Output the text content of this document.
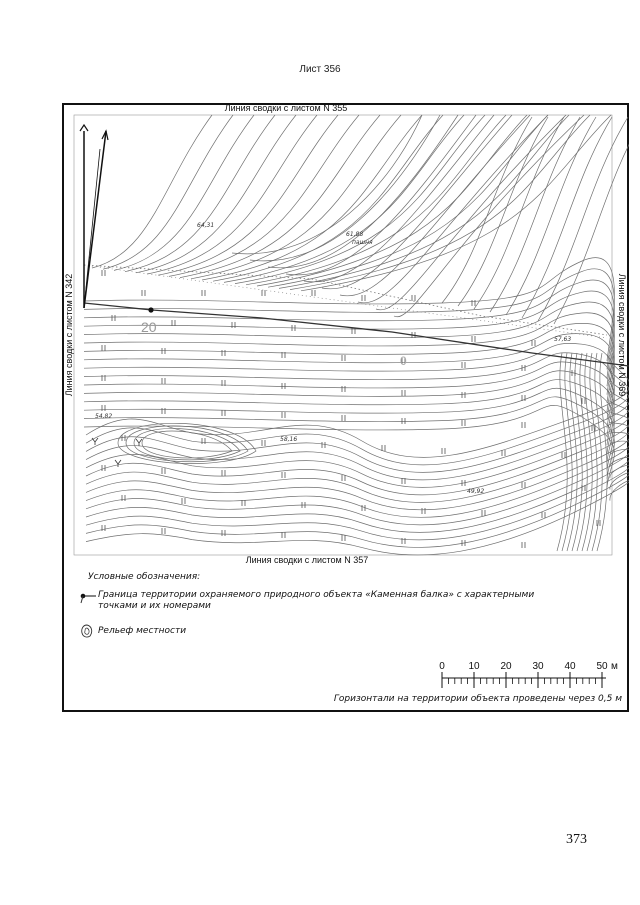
Лист 356
Линия сводки с листом N 355
Линия сводки с листом N 357
Линия сводки с листом N 342	Линия сводки с листом N 369
64,31
61,88
пашня
57,63
54,82
58,16
49,92
20
0
Условные обозначения:
Граница территории охраняемого природного объекта «Каменная балка» с характерными точками и их номерами
Рельеф местности
0 10 20 30 40 50 м
Горизонтали на территории объекта проведены через 0,5 м
373
